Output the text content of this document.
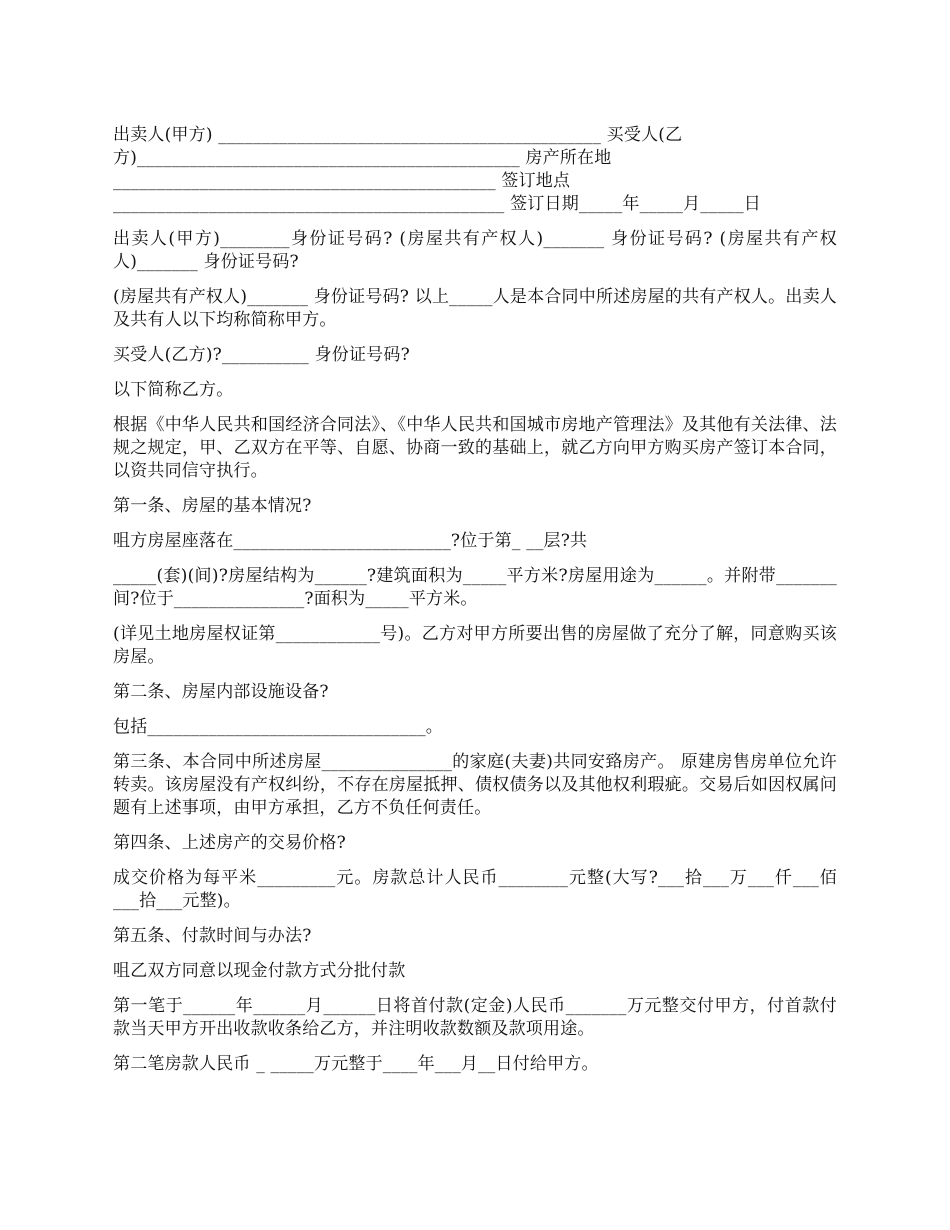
出卖人(甲方) ____________________________________________ 买受人(乙

方)____________________________________________ 房产所在地

____________________________________________ 签订地点

_____________________________________________ 签订日期_____年_____月_____日

出卖人(甲方)________身份证号码? (房屋共有产权人)_______ 身份证号码? (房屋共有产权人)_______ 身份证号码?

(房屋共有产权人)_______ 身份证号码? 以上_____人是本合同中所述房屋的共有产权人。出卖人及共有人以下均称简称甲方。

买受人(乙方)?__________ 身份证号码?

以下简称乙方。

根据《中华人民共和国经济合同法》、《中华人民共和国城市房地产管理法》及其他有关法律、法规之规定，甲、乙双方在平等、自愿、协商一致的基础上，就乙方向甲方购买房产签订本合同，以资共同信守执行。

第一条、房屋的基本情况?

咀方房屋座落在_________________________?位于第_ __层?共

_____(套)(间)?房屋结构为______?建筑面积为_____平方米?房屋用途为______。并附带_______间?位于_______________?面积为_____平方米。

(详见土地房屋权证第____________号)。乙方对甲方所要出售的房屋做了充分了解，同意购买该房屋。

第二条、房屋内部设施设备?

包括________________________________。

第三条、本合同中所述房屋_______________的家庭(夫妻)共同安臵房产。 原建房售房单位允许转卖。该房屋没有产权纠纷，不存在房屋抵押、债权债务以及其他权利瑕疵。交易后如因权属问题有上述事项，由甲方承担，乙方不负任何责任。

第四条、上述房产的交易价格?

成交价格为每平米_________元。房款总计人民币________元整(大写?___拾___万___仟___佰___拾___元整)。

第五条、付款时间与办法?

咀乙双方同意以现金付款方式分批付款

第一笔于______年______月______日将首付款(定金)人民币_______万元整交付甲方，付首款付款当天甲方开出收款收条给乙方，并注明收款数额及款项用途。

第二笔房款人民币 _ _____万元整于____年___月__日付给甲方。
